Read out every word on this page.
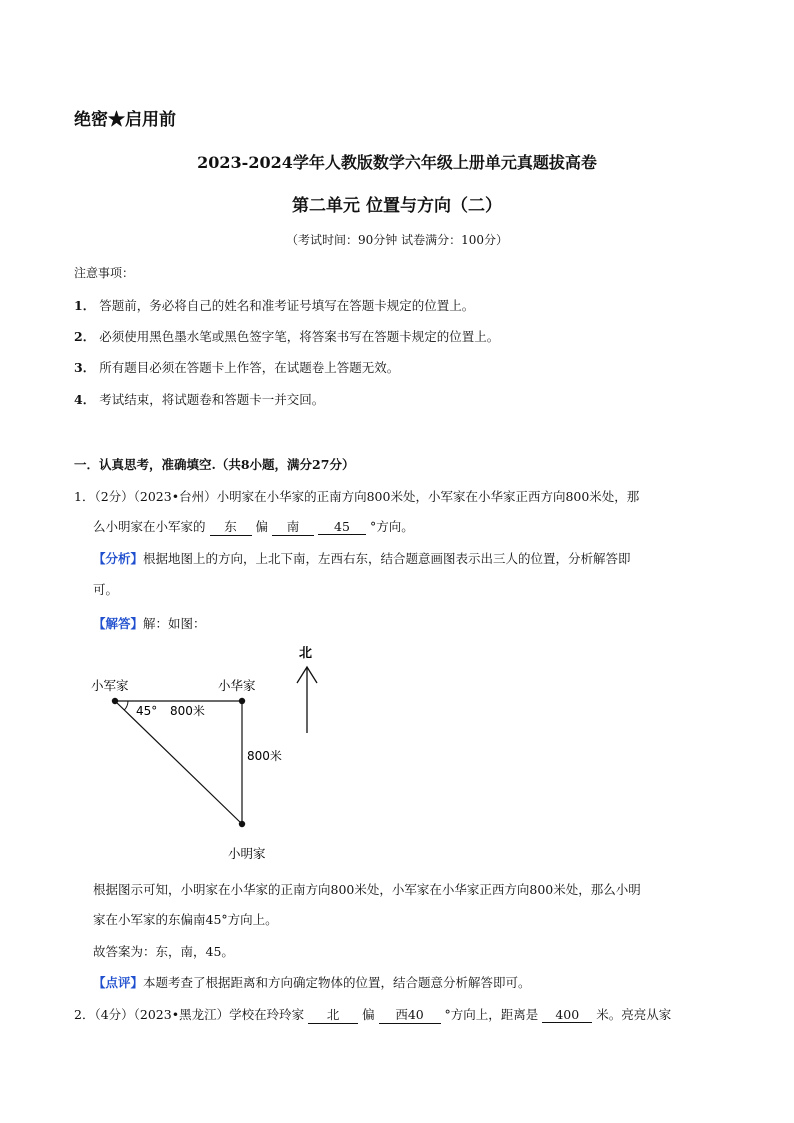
绝密★启用前
2023-2024学年人教版数学六年级上册单元真题拔高卷
第二单元 位置与方向（二）
（考试时间：90分钟 试卷满分：100分）
注意事项：
1． 答题前，务必将自己的姓名和准考证号填写在答题卡规定的位置上。
2． 必须使用黑色墨水笔或黑色签字笔，将答案书写在答题卡规定的位置上。
3． 所有题目必须在答题卡上作答，在试题卷上答题无效。
4． 考试结束，将试题卷和答题卡一并交回。
一．认真思考，准确填空.（共8小题，满分27分）
1．（2分）（2023•台州）小明家在小华家的正南方向800米处，小军家在小华家正西方向800米处，那
么小明家在小军家的 东 偏 南	45 °方向。
【分析】根据地图上的方向，上北下南，左西右东，结合题意画图表示出三人的位置，分析解答即
可。
【解答】解：如图：
北
小军家	小华家
小明家
45° 800米
800米
根据图示可知，小明家在小华家的正南方向800米处，小军家在小华家正西方向800米处，那么小明
家在小军家的东偏南45°方向上。
故答案为：东，南，45。
【点评】本题考查了根据距离和方向确定物体的位置，结合题意分析解答即可。
2．（4分）（2023•黑龙江）学校在玲玲家 北 偏 西40 °方向上，距离是 400 米。亮亮从家
